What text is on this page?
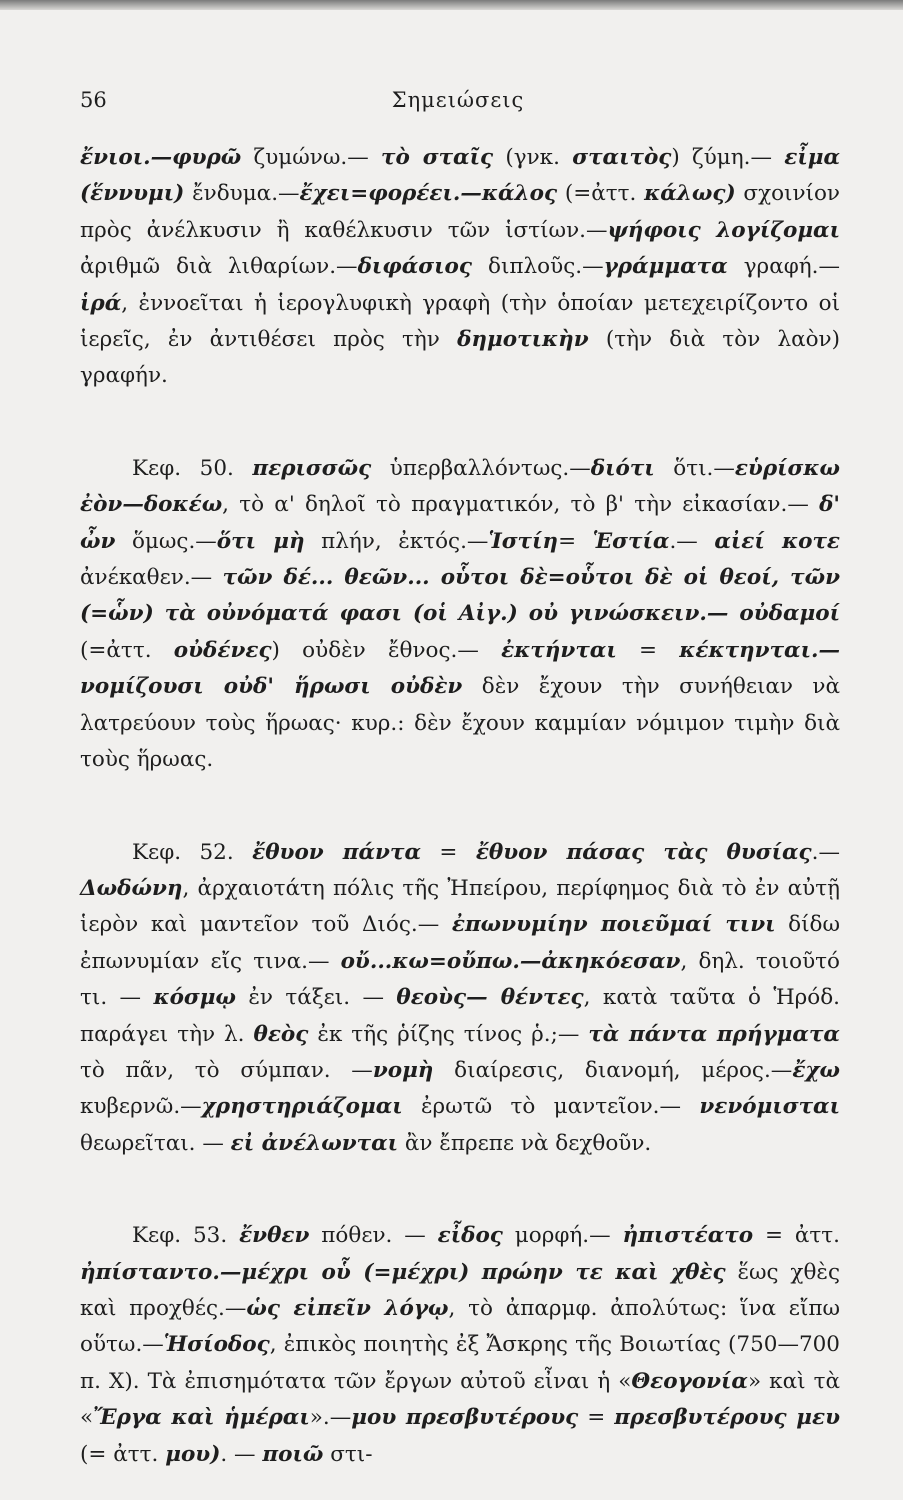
56	Σημειώσεις

ἔνιοι.—φυρῶ ζυμώνω.— τὸ σταῖς (γνκ. σταιτὸς) ζύμη.— εἶμα (ἕννυμι) ἔνδυμα.—ἔχει=φορέει.—κάλος (=ἀττ. κάλως) σχοινίον πρὸς ἀνέλκυσιν ἢ καθέλκυσιν τῶν ἱστίων.—ψήφοις λογίζομαι ἀριθμῶ διὰ λιθαρίων.—διφάσιος διπλοῦς.—γράμματα γραφή.—ἱρά, ἐννοεῖται ἡ ἱερογλυφικὴ γραφὴ (τὴν ὁποίαν μετεχειρίζοντο οἱ ἱερεῖς, ἐν ἀντιθέσει πρὸς τὴν δημοτικὴν (τὴν διὰ τὸν λαὸν) γραφήν.

Κεφ. 50. περισσῶς ὑπερβαλλόντως.—διότι ὅτι.—εὑρίσκω ἐὸν—δοκέω, τὸ α' δηλοῖ τὸ πραγματικόν, τὸ β' τὴν εἰκασίαν.— δ' ὦν ὅμως.—ὅτι μὴ πλήν, ἐκτός.—Ἱστίη= Ἑστία.— αἰεί κοτε ἀνέκαθεν.— τῶν δέ... θεῶν... οὗτοι δὲ=οὗτοι δὲ οἱ θεοί, τῶν (=ὧν) τὰ οὐνόματά φασι (οἱ Αἰγ.) οὐ γινώσκειν.— οὐδαμοί (=ἀττ. οὐδένες) οὐδὲν ἔθνος.— ἐκτήνται = κέκτηνται.—νομίζουσι οὐδ' ἥρωσι οὐδὲν δὲν ἔχουν τὴν συνήθειαν νὰ λατρεύουν τοὺς ἥρωας· κυρ.: δὲν ἔχουν καμμίαν νόμιμον τιμὴν διὰ τοὺς ἥρωας.

Κεφ. 52. ἔθυον πάντα = ἔθυον πάσας τὰς θυσίας.— Δωδώνη, ἀρχαιοτάτη πόλις τῆς Ἠπείρου, περίφημος διὰ τὸ ἐν αὐτῇ ἱερὸν καὶ μαντεῖον τοῦ Διός.— ἐπωνυμίην ποιεῦμαί τινι δίδω ἐπωνυμίαν εἴς τινα.— οὔ...κω=οὔπω.—ἀκηκόεσαν, δηλ. τοιοῦτό τι. — κόσμῳ ἐν τάξει. — θεοὺς— θέντες, κατὰ ταῦτα ὁ Ἡρόδ. παράγει τὴν λ. θεὸς ἐκ τῆς ῥίζης τίνος ῥ.;— τὰ πάντα πρήγματα τὸ πᾶν, τὸ σύμπαν. —νομὴ διαίρεσις, διανομή, μέρος.—ἔχω κυβερνῶ.—χρηστηριάζομαι ἐρωτῶ τὸ μαντεῖον.— νενόμισται θεωρεῖται. — εἰ ἀνέλωνται ἂν ἔπρεπε νὰ δεχθοῦν.

Κεφ. 53. ἔνθεν πόθεν. — εἶδος μορφή.— ἠπιστέατο = ἀττ. ἠπίσταντο.—μέχρι οὗ (=μέχρι) πρώην τε καὶ χθὲς ἕως χθὲς καὶ προχθές.—ὡς εἰπεῖν λόγῳ, τὸ ἀπαρμφ. ἀπολύτως: ἵνα εἴπω οὕτω.—Ἡσίοδος, ἐπικὸς ποιητὴς ἐξ Ἄσκρης τῆς Βοιωτίας (750—700 π. Χ). Τὰ ἐπισημότατα τῶν ἔργων αὐτοῦ εἶναι ἡ «Θεογονία» καὶ τὰ «Ἔργα καὶ ἡμέραι».—μου πρεσβυτέρους = πρεσβυτέρους μευ (= ἀττ. μου). — ποιῶ στι-
